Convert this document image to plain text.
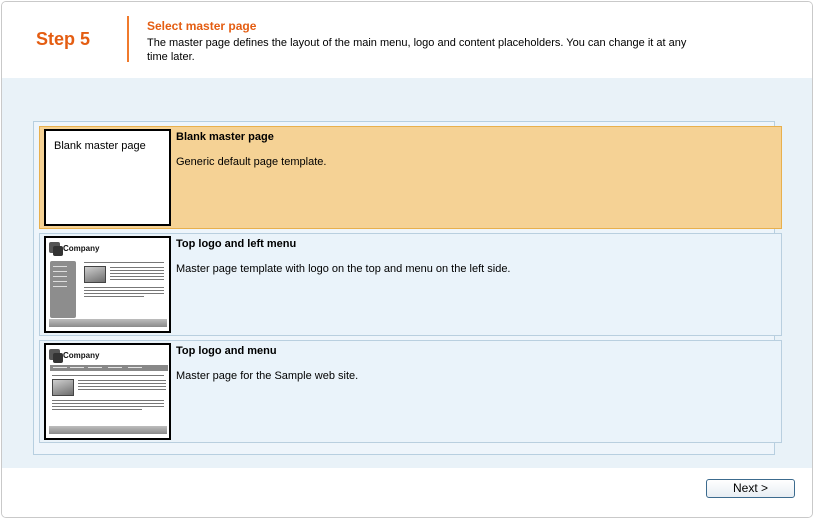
Step 5
Select master page
The master page defines the layout of the main menu, logo and content placeholders. You can change it at any time later.
Blank master page
Blank master page
Generic default page template.
Company	Top logo and left menu
Master page template with logo on the top and menu on the left side.
Company	Top logo and menu
Master page for the Sample web site.
Next >
